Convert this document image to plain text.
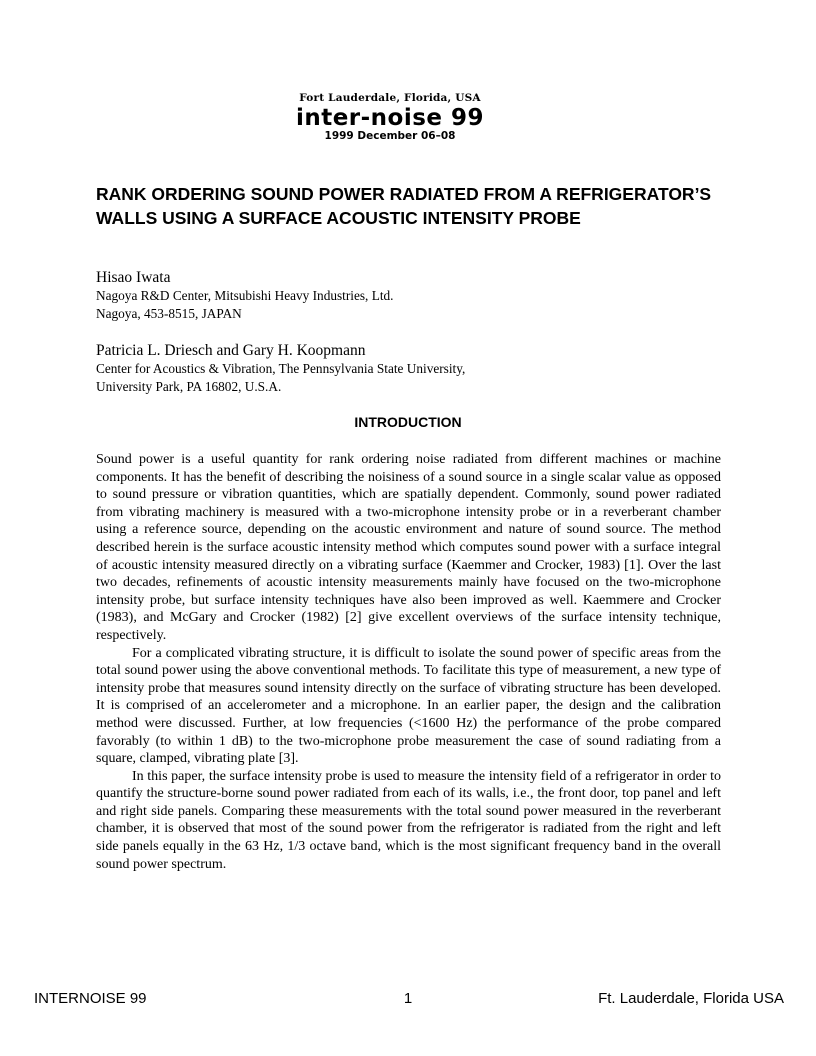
Fort Lauderdale, Florida, USA
inter-noise 99
1999 December 06–08
RANK ORDERING SOUND POWER RADIATED FROM A REFRIGERATOR’S WALLS USING A SURFACE ACOUSTIC INTENSITY PROBE
Hisao Iwata
Nagoya R&D Center, Mitsubishi Heavy Industries, Ltd.
Nagoya, 453-8515, JAPAN
Patricia L. Driesch and Gary H. Koopmann
Center for Acoustics & Vibration, The Pennsylvania State University,
University Park, PA 16802, U.S.A.
INTRODUCTION

Sound power is a useful quantity for rank ordering noise radiated from different machines or machine components. It has the benefit of describing the noisiness of a sound source in a single scalar value as opposed to sound pressure or vibration quantities, which are spatially dependent. Commonly, sound power radiated from vibrating machinery is measured with a two-microphone intensity probe or in a reverberant chamber using a reference source, depending on the acoustic environment and nature of sound source. The method described herein is the surface acoustic intensity method which computes sound power with a surface integral of acoustic intensity measured directly on a vibrating surface (Kaemmer and Crocker, 1983) [1]. Over the last two decades, refinements of acoustic intensity measurements mainly have focused on the two-microphone intensity probe, but surface intensity techniques have also been improved as well. Kaemmere and Crocker (1983), and McGary and Crocker (1982) [2] give excellent overviews of the surface intensity technique, respectively.

For a complicated vibrating structure, it is difficult to isolate the sound power of specific areas from the total sound power using the above conventional methods. To facilitate this type of measurement, a new type of intensity probe that measures sound intensity directly on the surface of vibrating structure has been developed. It is comprised of an accelerometer and a microphone. In an earlier paper, the design and the calibration method were discussed. Further, at low frequencies (<1600 Hz) the performance of the probe compared favorably (to within 1 dB) to the two-microphone probe measurement the case of sound radiating from a square, clamped, vibrating plate [3].

In this paper, the surface intensity probe is used to measure the intensity field of a refrigerator in order to quantify the structure-borne sound power radiated from each of its walls, i.e., the front door, top panel and left and right side panels. Comparing these measurements with the total sound power measured in the reverberant chamber, it is observed that most of the sound power from the refrigerator is radiated from the right and left side panels equally in the 63 Hz, 1/3 octave band, which is the most significant frequency band in the overall sound power spectrum.

INTERNOISE 99	1	Ft. Lauderdale, Florida USA
